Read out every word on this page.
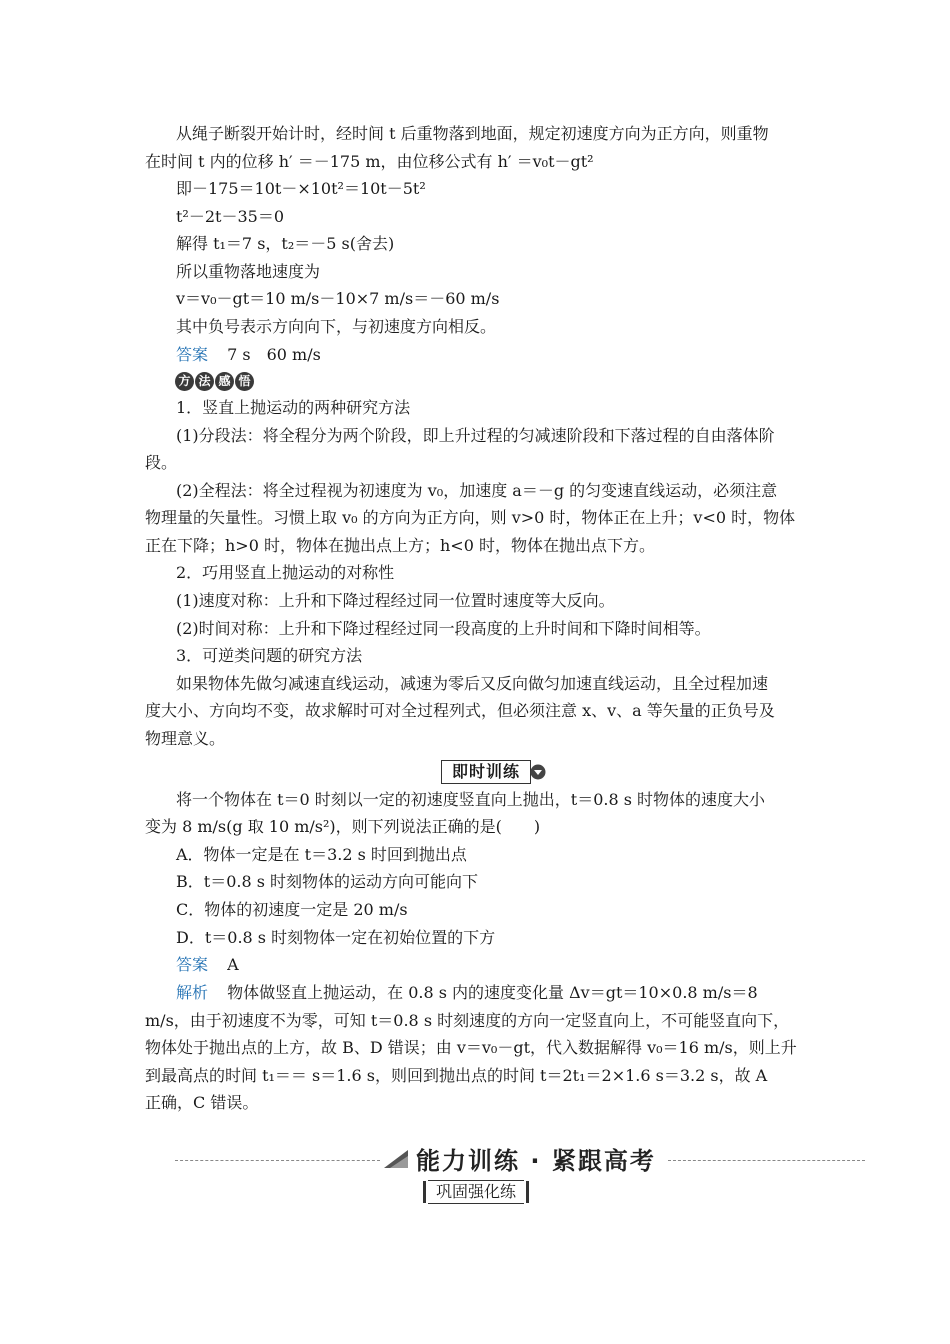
从绳子断裂开始计时，经时间 t 后重物落到地面，规定初速度方向为正方向，则重物
在时间 t 内的位移 h′ ＝－175 m，由位移公式有 h′ ＝v₀t－gt²
即－175＝10t－×10t²＝10t－5t²
t²－2t－35＝0
解得 t₁＝7 s，t₂＝－5 s(舍去)
所以重物落地速度为
v＝v₀－gt＝10 m/s－10×7 m/s＝－60 m/s
其中负号表示方向向下，与初速度方向相反。
答案 7 s　60 m/s
方 法 感 悟
1．竖直上抛运动的两种研究方法
(1)分段法：将全程分为两个阶段，即上升过程的匀减速阶段和下落过程的自由落体阶
段。
(2)全程法：将全过程视为初速度为 v₀，加速度 a＝－g 的匀变速直线运动，必须注意
物理量的矢量性。习惯上取 v₀ 的方向为正方向，则 v>0 时，物体正在上升；v<0 时，物体
正在下降；h>0 时，物体在抛出点上方；h<0 时，物体在抛出点下方。
2．巧用竖直上抛运动的对称性
(1)速度对称：上升和下降过程经过同一位置时速度等大反向。
(2)时间对称：上升和下降过程经过同一段高度的上升时间和下降时间相等。
3．可逆类问题的研究方法
如果物体先做匀减速直线运动，减速为零后又反向做匀加速直线运动，且全过程加速
度大小、方向均不变，故求解时可对全过程列式，但必须注意 x、v、a 等矢量的正负号及
物理意义。
即时训练
将一个物体在 t＝0 时刻以一定的初速度竖直向上抛出，t＝0.8 s 时物体的速度大小
变为 8 m/s(g 取 10 m/s²)，则下列说法正确的是(　　)
A．物体一定是在 t＝3.2 s 时回到抛出点
B．t＝0.8 s 时刻物体的运动方向可能向下
C．物体的初速度一定是 20 m/s
D．t＝0.8 s 时刻物体一定在初始位置的下方
答案 A
解析 物体做竖直上抛运动，在 0.8 s 内的速度变化量 Δv＝gt＝10×0.8 m/s＝8
m/s，由于初速度不为零，可知 t＝0.8 s 时刻速度的方向一定竖直向上，不可能竖直向下，
物体处于抛出点的上方，故 B、D 错误；由 v＝v₀－gt，代入数据解得 v₀＝16 m/s，则上升
到最高点的时间 t₁＝＝ s＝1.6 s，则回到抛出点的时间 t＝2t₁＝2×1.6 s＝3.2 s，故 A
正确，C 错误。
能力训练 · 紧跟高考
巩固强化练
